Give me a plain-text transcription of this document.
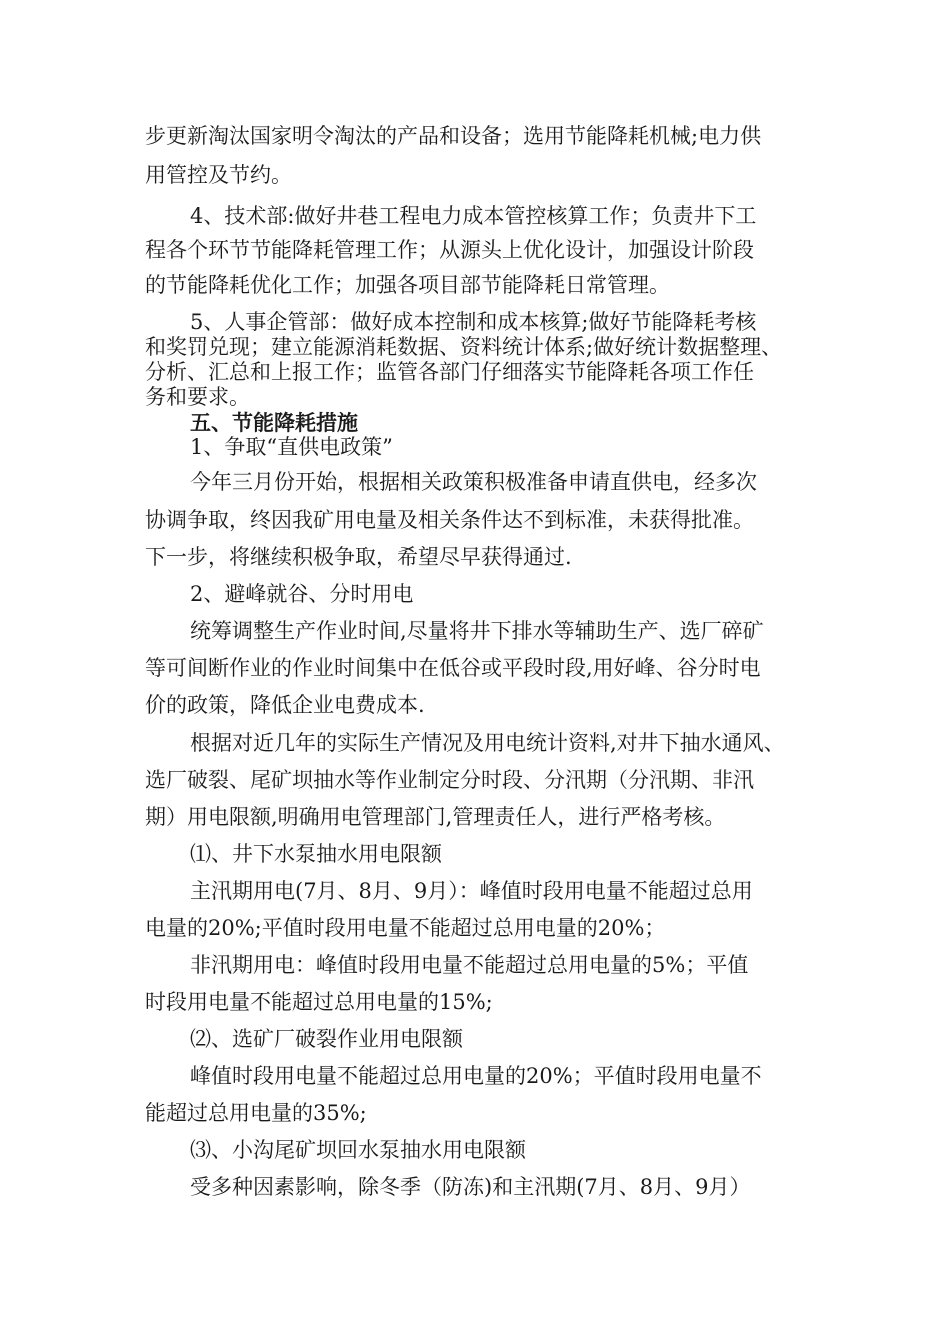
步更新淘汰国家明令淘汰的产品和设备；选用节能降耗机械;电力供
用管控及节约。
4、技术部:做好井巷工程电力成本管控核算工作；负责井下工
程各个环节节能降耗管理工作；从源头上优化设计，加强设计阶段
的节能降耗优化工作；加强各项目部节能降耗日常管理。
5、人事企管部：做好成本控制和成本核算;做好节能降耗考核
和奖罚兑现；建立能源消耗数据、资料统计体系;做好统计数据整理、
分析、汇总和上报工作；监管各部门仔细落实节能降耗各项工作任
务和要求。
五、节能降耗措施
1、争取“直供电政策”
今年三月份开始，根据相关政策积极准备申请直供电，经多次
协调争取，终因我矿用电量及相关条件达不到标准，未获得批准。
下一步，将继续积极争取，希望尽早获得通过.
2、避峰就谷、分时用电
统筹调整生产作业时间,尽量将井下排水等辅助生产、选厂碎矿
等可间断作业的作业时间集中在低谷或平段时段,用好峰、谷分时电
价的政策，降低企业电费成本.
根据对近几年的实际生产情况及用电统计资料,对井下抽水通风、
选厂破裂、尾矿坝抽水等作业制定分时段、分汛期（分汛期、非汛
期）用电限额,明确用电管理部门,管理责任人，进行严格考核。
⑴、井下水泵抽水用电限额
主汛期用电(7月、8月、9月）：峰值时段用电量不能超过总用
电量的20%;平值时段用电量不能超过总用电量的20%；
非汛期用电：峰值时段用电量不能超过总用电量的5%；平值
时段用电量不能超过总用电量的15%;
⑵、选矿厂破裂作业用电限额
峰值时段用电量不能超过总用电量的20%；平值时段用电量不
能超过总用电量的35%;
⑶、小沟尾矿坝回水泵抽水用电限额
受多种因素影响，除冬季（防冻)和主汛期(7月、8月、9月）
